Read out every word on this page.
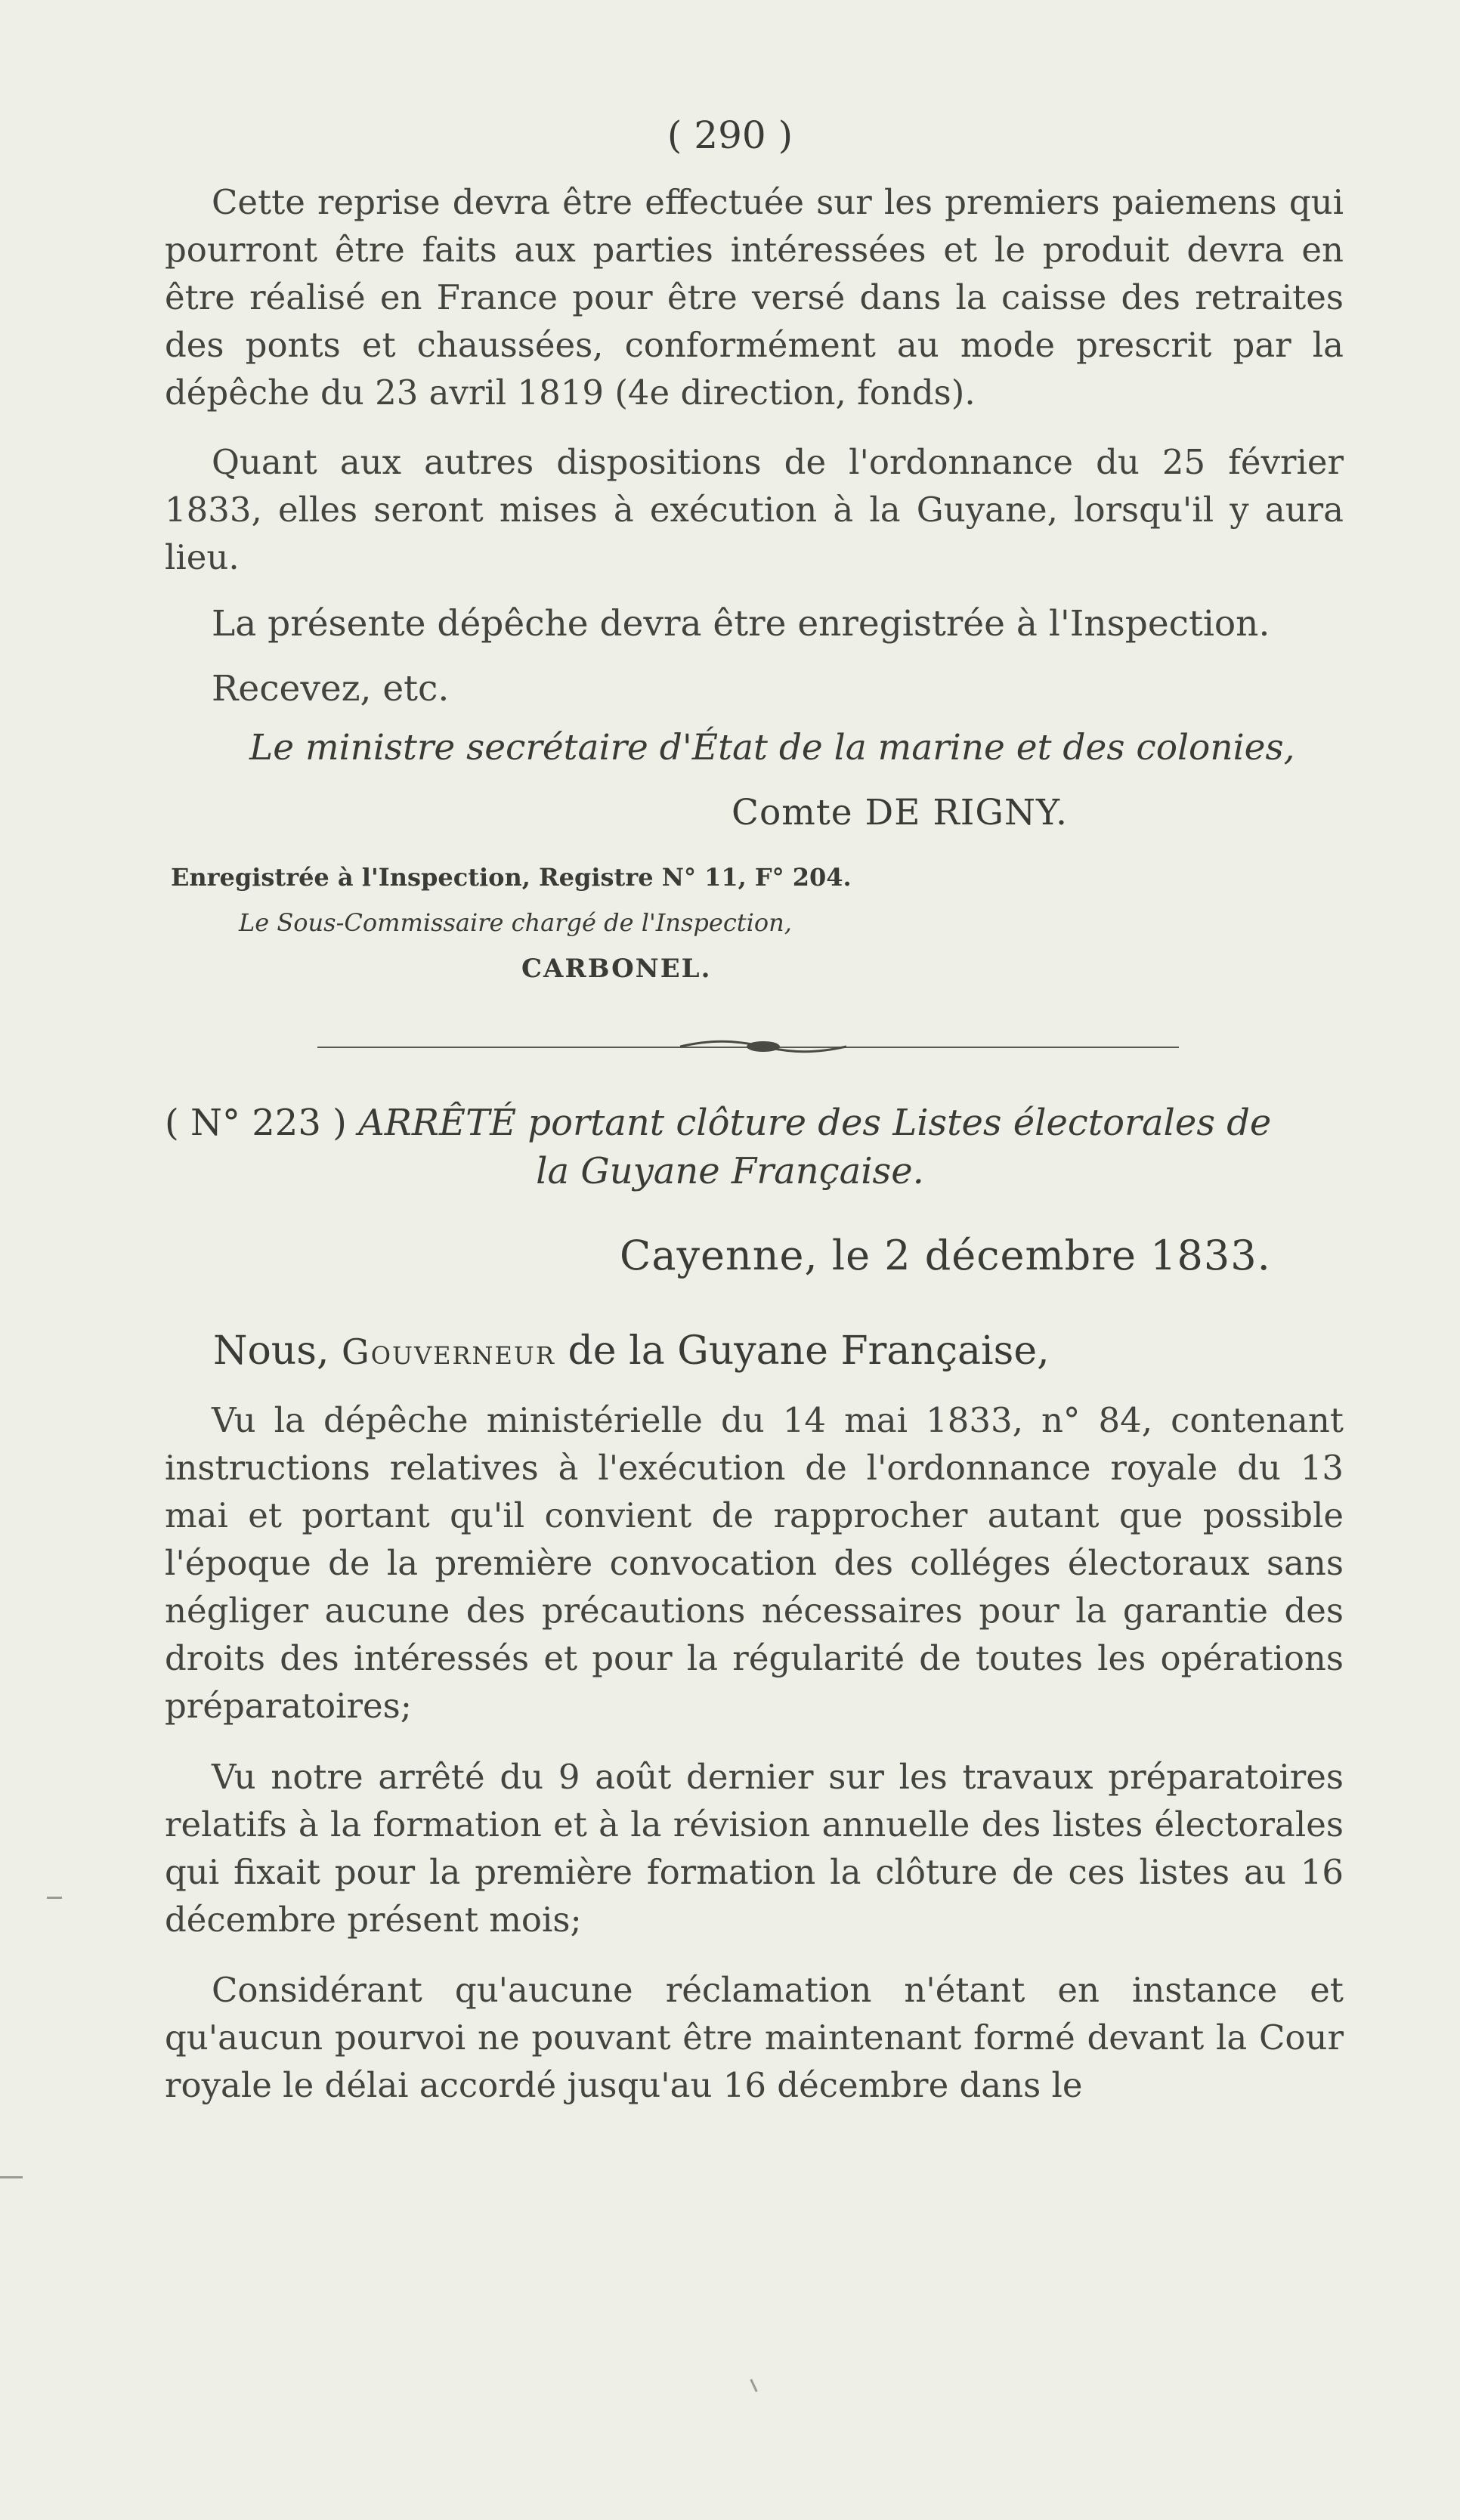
( 290 )

Cette reprise devra être effectuée sur les premiers paiemens qui pourront être faits aux parties intéressées et le produit devra en être réalisé en France pour être versé dans la caisse des retraites des ponts et chaussées, conformément au mode prescrit par la dépêche du 23 avril 1819 (4e direction, fonds).

Quant aux autres dispositions de l'ordonnance du 25 février 1833, elles seront mises à exécution à la Guyane, lorsqu'il y aura lieu.

La présente dépêche devra être enregistrée à l'Inspection.

Recevez, etc.

Le ministre secrétaire d'État de la marine et des colonies,
Comte DE RIGNY.
Enregistrée à l'Inspection, Registre N° 11, F° 204.
Le Sous-Commissaire chargé de l'Inspection,
CARBONEL.
( N° 223 ) ARRÊTÉ portant clôture des Listes électorales de
la Guyane Française.
Cayenne, le 2 décembre 1833.
Nous, Gouverneur de la Guyane Française,

Vu la dépêche ministérielle du 14 mai 1833, n° 84, contenant instructions relatives à l'exécution de l'ordonnance royale du 13 mai et portant qu'il convient de rapprocher autant que possible l'époque de la première convocation des colléges électoraux sans négliger aucune des précautions nécessaires pour la garantie des droits des intéressés et pour la régularité de toutes les opérations préparatoires;

Vu notre arrêté du 9 août dernier sur les travaux préparatoires relatifs à la formation et à la révision annuelle des listes électorales qui fixait pour la première formation la clôture de ces listes au 16 décembre présent mois;

Considérant qu'aucune réclamation n'étant en instance et qu'aucun pourvoi ne pouvant être maintenant formé devant la Cour royale le délai accordé jusqu'au 16 décembre dans le
